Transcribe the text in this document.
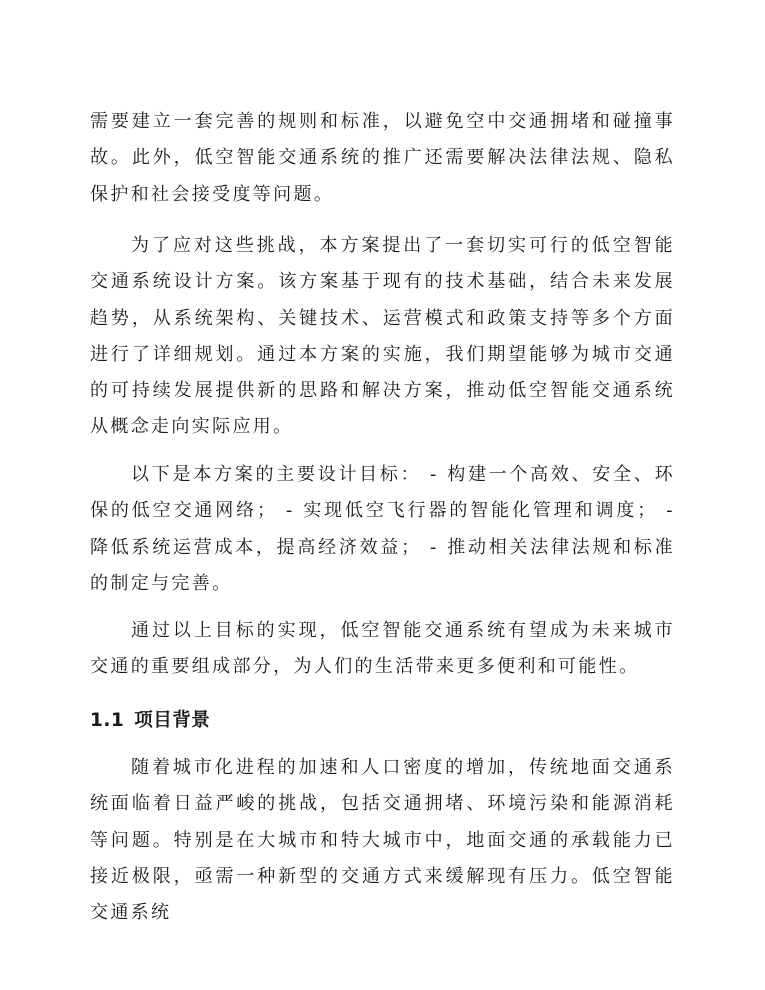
需要建立一套完善的规则和标准，以避免空中交通拥堵和碰撞事故。此外，低空智能交通系统的推广还需要解决法律法规、隐私保护和社会接受度等问题。

为了应对这些挑战，本方案提出了一套切实可行的低空智能交通系统设计方案。该方案基于现有的技术基础，结合未来发展趋势，从系统架构、关键技术、运营模式和政策支持等多个方面进行了详细规划。通过本方案的实施，我们期望能够为城市交通的可持续发展提供新的思路和解决方案，推动低空智能交通系统从概念走向实际应用。

以下是本方案的主要设计目标： - 构建一个高效、安全、环保的低空交通网络； - 实现低空飞行器的智能化管理和调度； - 降低系统运营成本，提高经济效益； - 推动相关法律法规和标准的制定与完善。

通过以上目标的实现，低空智能交通系统有望成为未来城市交通的重要组成部分，为人们的生活带来更多便利和可能性。

1.1 项目背景

随着城市化进程的加速和人口密度的增加，传统地面交通系统面临着日益严峻的挑战，包括交通拥堵、环境污染和能源消耗等问题。特别是在大城市和特大城市中，地面交通的承载能力已接近极限，亟需一种新型的交通方式来缓解现有压力。低空智能交通系统
